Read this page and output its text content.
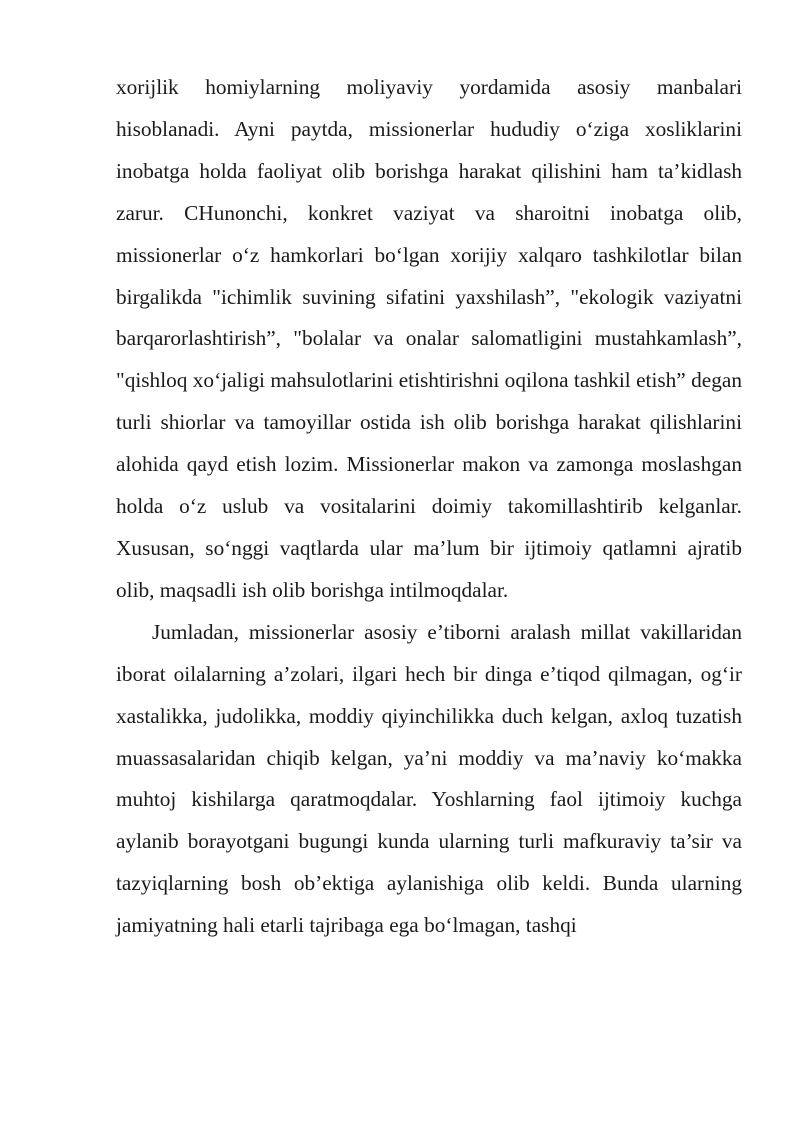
xorijlik homiylarning moliyaviy yordamida asosiy manbalari hisoblanadi. Ayni paytda, missionerlar hududiy o‘ziga xosliklarini inobatga holda faoliyat olib borishga harakat qilishini ham ta’kidlash zarur. CHunonchi, konkret vaziyat va sharoitni inobatga olib, missionerlar o‘z hamkorlari bo‘lgan xorijiy xalqaro tashkilotlar bilan birgalikda "ichimlik suvining sifatini yaxshilash”, "ekologik vaziyatni barqarorlashtirish”, "bolalar va onalar salomatligini mustahkamlash”, "qishloq xo‘jaligi mahsulotlarini etishtirishni oqilona tashkil etish” degan turli shiorlar va tamoyillar ostida ish olib borishga harakat qilishlarini alohida qayd etish lozim. Missionerlar makon va zamonga moslashgan holda o‘z uslub va vositalarini doimiy takomillashtirib kelganlar. Xususan, so‘nggi vaqtlarda ular ma’lum bir ijtimoiy qatlamni ajratib olib, maqsadli ish olib borishga intilmoqdalar.

Jumladan, missionerlar asosiy e’tiborni aralash millat vakillaridan iborat oilalarning a’zolari, ilgari hech bir dinga e’tiqod qilmagan, og‘ir xastalikka, judolikka, moddiy qiyinchilikka duch kelgan, axloq tuzatish muassasalaridan chiqib kelgan, ya’ni moddiy va ma’naviy ko‘makka muhtoj kishilarga qaratmoqdalar. Yoshlarning faol ijtimoiy kuchga aylanib borayotgani bugungi kunda ularning turli mafkuraviy ta’sir va tazyiqlarning bosh ob’ektiga aylanishiga olib keldi. Bunda ularning jamiyatning hali etarli tajribaga ega bo‘lmagan, tashqi
